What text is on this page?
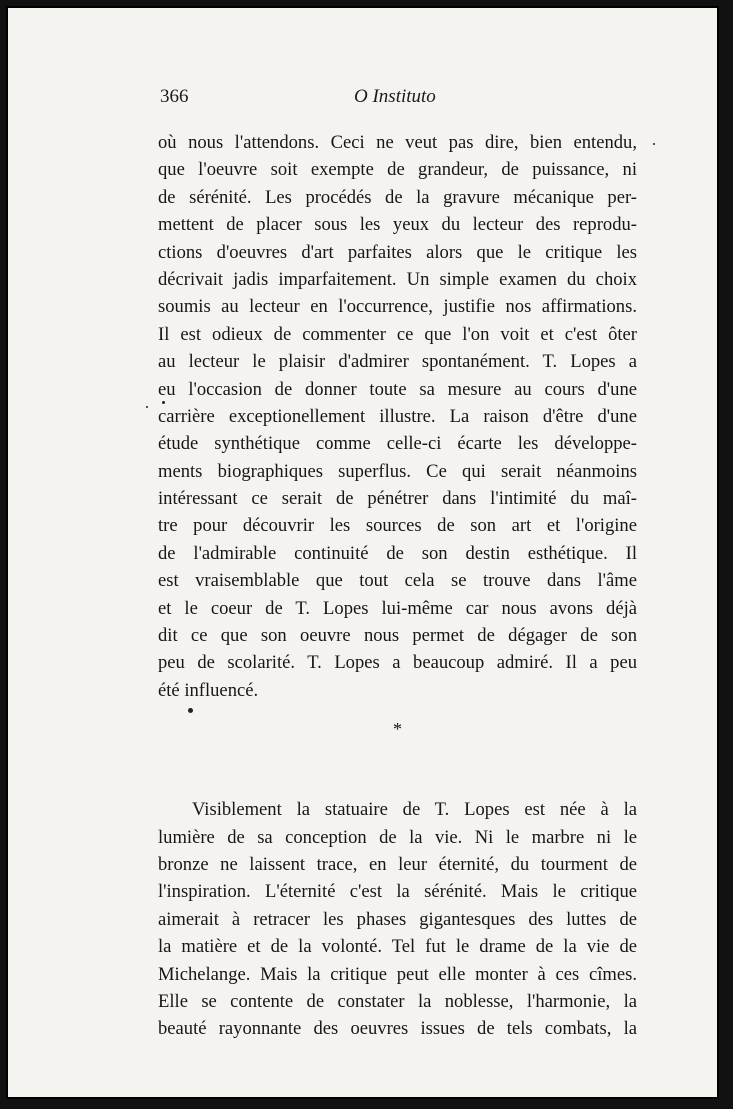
366	O Instituto
où nous l'attendons. Ceci ne veut pas dire, bien entendu,
que l'oeuvre soit exempte de grandeur, de puissance, ni
de sérénité. Les procédés de la gravure mécanique per-
mettent de placer sous les yeux du lecteur des reprodu-
ctions d'oeuvres d'art parfaites alors que le critique les
décrivait jadis imparfaitement. Un simple examen du choix
soumis au lecteur en l'occurrence, justifie nos affirmations.
Il est odieux de commenter ce que l'on voit et c'est ôter
au lecteur le plaisir d'admirer spontanément. T. Lopes a
eu l'occasion de donner toute sa mesure au cours d'une
carrière exceptionellement illustre. La raison d'être d'une
étude synthétique comme celle-ci écarte les développe-
ments biographiques superflus. Ce qui serait néanmoins
intéressant ce serait de pénétrer dans l'intimité du maî-
tre pour découvrir les sources de son art et l'origine
de l'admirable continuité de son destin esthétique. Il
est vraisemblable que tout cela se trouve dans l'âme
et le coeur de T. Lopes lui-même car nous avons déjà
dit ce que son oeuvre nous permet de dégager de son
peu de scolarité. T. Lopes a beaucoup admiré. Il a peu
été influencé.
*
Visiblement la statuaire de T. Lopes est née à la
lumière de sa conception de la vie. Ni le marbre ni le
bronze ne laissent trace, en leur éternité, du tourment de
l'inspiration. L'éternité c'est la sérénité. Mais le critique
aimerait à retracer les phases gigantesques des luttes de
la matière et de la volonté. Tel fut le drame de la vie de
Michelange. Mais la critique peut elle monter à ces cîmes.
Elle se contente de constater la noblesse, l'harmonie, la
beauté rayonnante des oeuvres issues de tels combats, la
